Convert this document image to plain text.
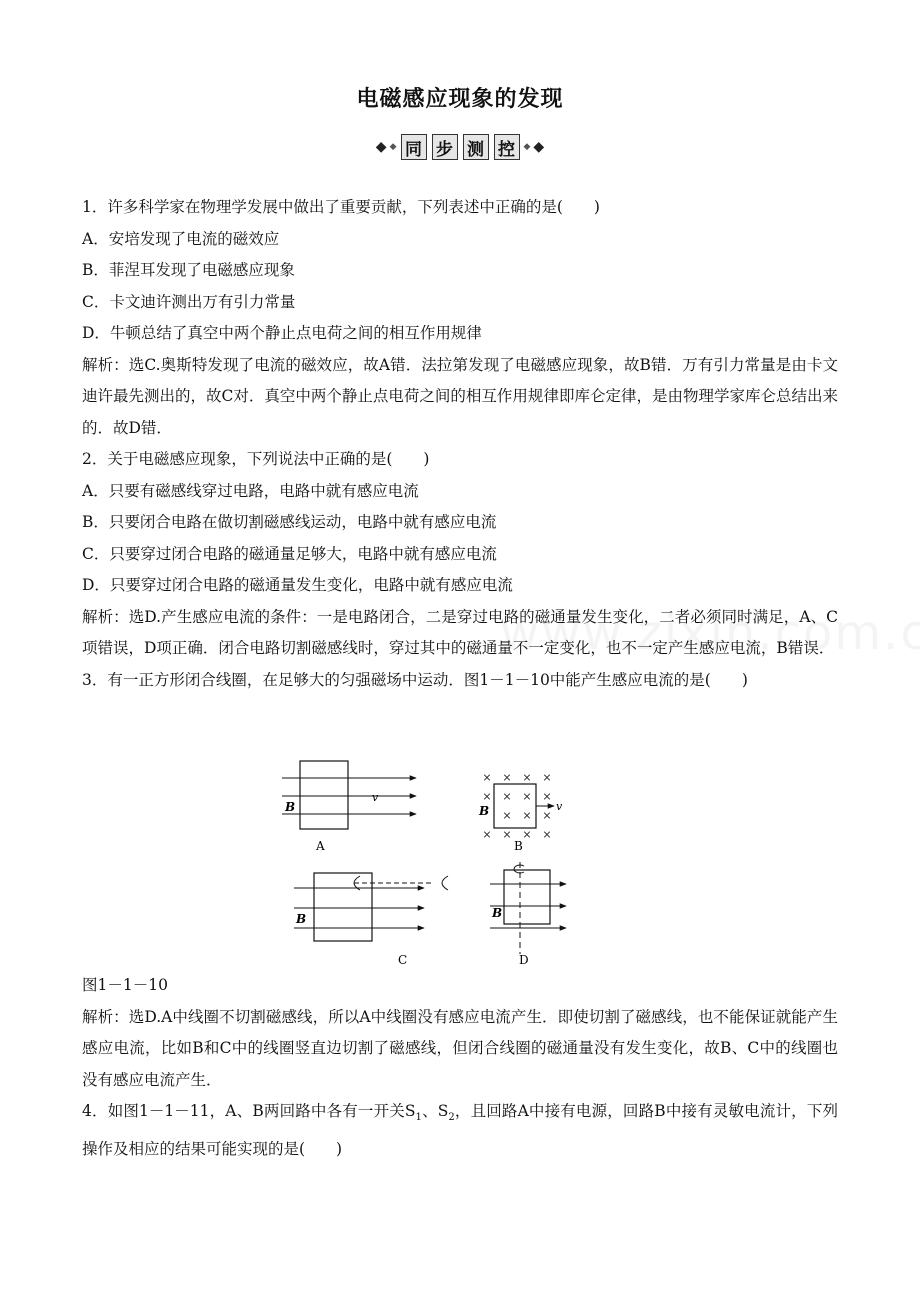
电磁感应现象的发现
◆ ◆ 同 步 测 控 ◆ ◆

1．许多科学家在物理学发展中做出了重要贡献，下列表述中正确的是(　　)

A．安培发现了电流的磁效应

B．菲涅耳发现了电磁感应现象

C．卡文迪许测出万有引力常量

D．牛顿总结了真空中两个静止点电荷之间的相互作用规律

解析：选C.奥斯特发现了电流的磁效应，故A错．法拉第发现了电磁感应现象，故B错．万有引力常量是由卡文迪许最先测出的，故C对．真空中两个静止点电荷之间的相互作用规律即库仑定律，是由物理学家库仑总结出来的．故D错．

2．关于电磁感应现象，下列说法中正确的是(　　)

A．只要有磁感线穿过电路，电路中就有感应电流

B．只要闭合电路在做切割磁感线运动，电路中就有感应电流

C．只要穿过闭合电路的磁通量足够大，电路中就有感应电流

D．只要穿过闭合电路的磁通量发生变化，电路中就有感应电流

解析：选D.产生感应电流的条件：一是电路闭合，二是穿过电路的磁通量发生变化，二者必须同时满足，A、C项错误，D项正确．闭合电路切割磁感线时，穿过其中的磁通量不一定变化，也不一定产生感应电流，B错误．

3．有一正方形闭合线圈，在足够大的匀强磁场中运动．图1－1－10中能产生感应电流的是(　　)

v
B
A
× × × ×
× × × ×
× × ×
× × × ×
v
B
B
B
C
B
D

图1－1－10

解析：选D.A中线圈不切割磁感线，所以A中线圈没有感应电流产生．即使切割了磁感线，也不能保证就能产生感应电流，比如B和C中的线圈竖直边切割了磁感线，但闭合线圈的磁通量没有发生变化，故B、C中的线圈也没有感应电流产生．

4．如图1－1－11，A、B两回路中各有一开关$S_1$、$S_2$，且回路A中接有电源，回路B中接有灵敏电流计，下列操作及相应的结果可能实现的是(　　)
